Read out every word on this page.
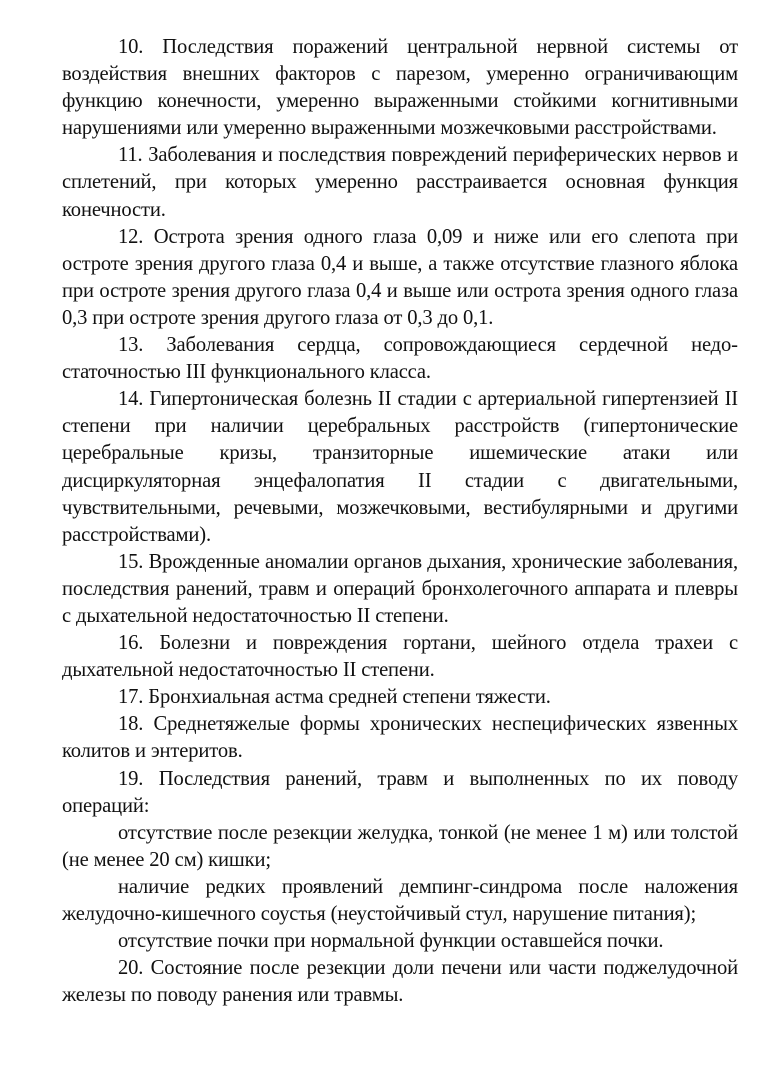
10. Последствия поражений центральной нервной системы от воздействия внешних факторов с парезом, умеренно ограничивающим функцию конечности, умеренно выраженными стойкими когнитивными нарушениями или умеренно выраженными мозжечковыми расстройствами.

11. Заболевания и последствия повреждений периферических нервов и сплетений, при которых умеренно расстраивается основная функция конечности.

12. Острота зрения одного глаза 0,09 и ниже или его слепота при остроте зрения другого глаза 0,4 и выше, а также отсутствие глазного яблока при остроте зрения другого глаза 0,4 и выше или острота зрения одного глаза 0,3 при остроте зрения другого глаза от 0,3 до 0,1.

13. Заболевания сердца, сопровождающиеся сердечной недостаточностью III функционального класса.

14. Гипертоническая болезнь II стадии с артериальной гипертензией II степени при наличии церебральных расстройств (гипертонические церебральные кризы, транзиторные ишемические атаки или дисциркуляторная энцефалопатия II стадии с двигательными, чувствительными, речевыми, мозжечковыми, вестибулярными и другими расстройствами).

15. Врожденные аномалии органов дыхания, хронические заболевания, последствия ранений, травм и операций бронхолегочного аппарата и плевры с дыхательной недостаточностью II степени.

16. Болезни и повреждения гортани, шейного отдела трахеи с дыхательной недостаточностью II степени.

17. Бронхиальная астма средней степени тяжести.

18. Среднетяжелые формы хронических неспецифических язвенных колитов и энтеритов.

19. Последствия ранений, травм и выполненных по их поводу операций:

отсутствие после резекции желудка, тонкой (не менее 1 м) или толстой (не менее 20 см) кишки;

наличие редких проявлений демпинг-синдрома после наложения желудочно-кишечного соустья (неустойчивый стул, нарушение питания);

отсутствие почки при нормальной функции оставшейся почки.

20. Состояние после резекции доли печени или части поджелудочной железы по поводу ранения или травмы.
